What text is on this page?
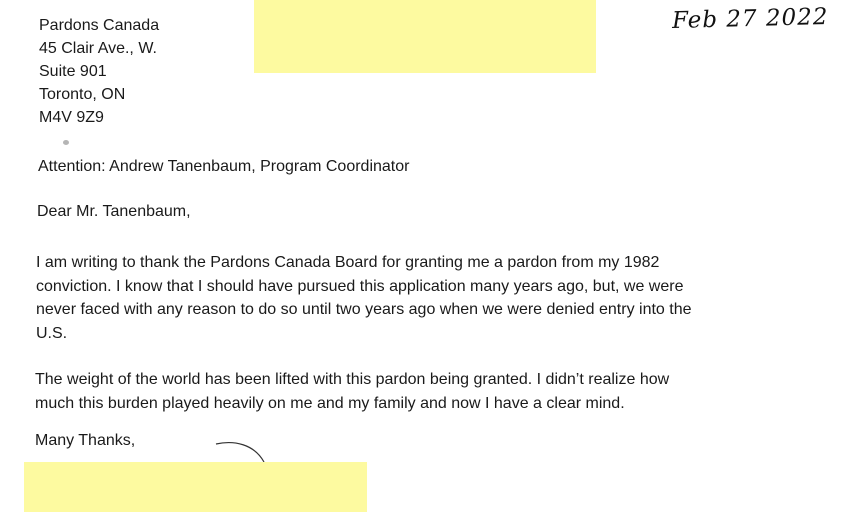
Pardons Canada
45 Clair Ave., W.
Suite 901
Toronto, ON
M4V 9Z9
Feb 27 2022
Attention: Andrew Tanenbaum, Program Coordinator
Dear Mr. Tanenbaum,
I am writing to thank the Pardons Canada Board for granting me a pardon from my 1982
conviction. I know that I should have pursued this application many years ago, but, we were
never faced with any reason to do so until two years ago when we were denied entry into the
U.S.
The weight of the world has been lifted with this pardon being granted. I didn’t realize how
much this burden played heavily on me and my family and now I have a clear mind.
Many Thanks,
